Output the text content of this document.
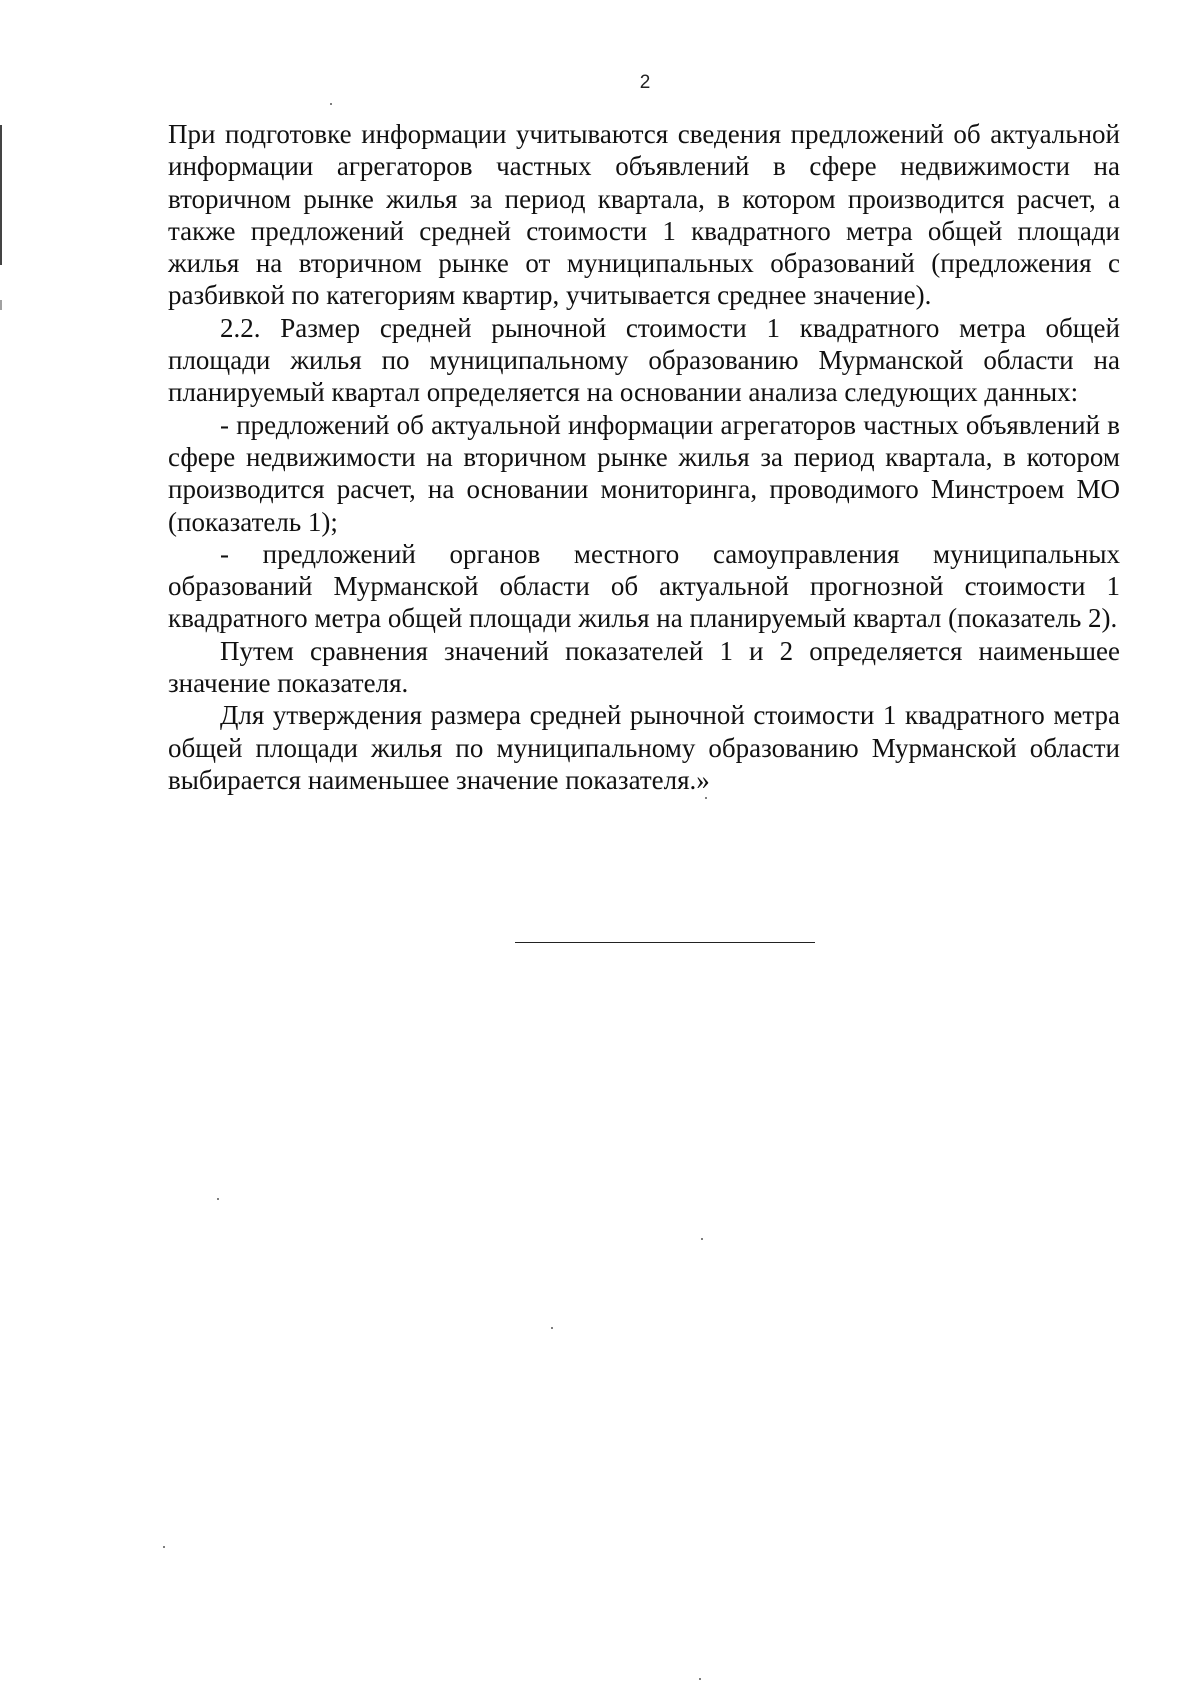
2

При подготовке информации учитываются сведения предложений об актуальной информации агрегаторов частных объявлений в сфере недвижимости на вторичном рынке жилья за период квартала, в котором производится расчет, а также предложений средней стоимости 1 квадратного метра общей площади жилья на вторичном рынке от муниципальных образований (предложения с разбивкой по категориям квартир, учитывается среднее значение).

2.2. Размер средней рыночной стоимости 1 квадратного метра общей площади жилья по муниципальному образованию Мурманской области на планируемый квартал определяется на основании анализа следующих данных:

- предложений об актуальной информации агрегаторов частных объявлений в сфере недвижимости на вторичном рынке жилья за период квартала, в котором производится расчет, на основании мониторинга, проводимого Минстроем МО (показатель 1);

- предложений органов местного самоуправления муниципальных образований Мурманской области об актуальной прогнозной стоимости 1 квадратного метра общей площади жилья на планируемый квартал (показатель 2).

Путем сравнения значений показателей 1 и 2 определяется наименьшее значение показателя.

Для утверждения размера средней рыночной стоимости 1 квадратного метра общей площади жилья по муниципальному образованию Мурманской области выбирается наименьшее значение показателя.»
